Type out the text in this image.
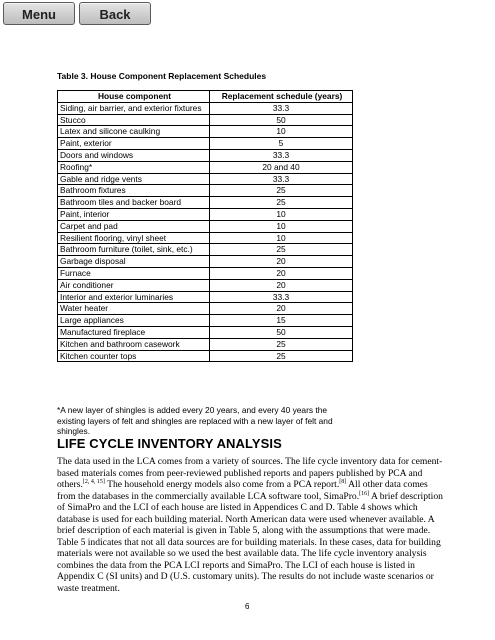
Menu	Back
Table 3. House Component Replacement Schedules
House component	Replacement schedule (years)
Siding, air barrier, and exterior fixtures	33.3
Stucco	50
Latex and silicone caulking	10
Paint, exterior	5
Doors and windows	33.3
Roofing*	20 and 40
Gable and ridge vents	33.3
Bathroom fixtures	25
Bathroom tiles and backer board	25
Paint, interior	10
Carpet and pad	10
Resilient flooring, vinyl sheet	10
Bathroom furniture (toilet, sink, etc.)	25
Garbage disposal	20
Furnace	20
Air conditioner	20
Interior and exterior luminaries	33.3
Water heater	20
Large appliances	15
Manufactured fireplace	50
Kitchen and bathroom casework	25
Kitchen counter tops	25
*A new layer of shingles is added every 20 years, and every 40 years the existing layers of felt and shingles are replaced with a new layer of felt and shingles.
LIFE CYCLE INVENTORY ANALYSIS
The data used in the LCA comes from a variety of sources. The life cycle inventory data for cement-based materials comes from peer-reviewed published reports and papers published by PCA and others.[2, 4, 15] The household energy models also come from a PCA report.[8] All other data comes from the databases in the commercially available LCA software tool, SimaPro.[16] A brief description of SimaPro and the LCI of each house are listed in Appendices C and D. Table 4 shows which database is used for each building material. North American data were used whenever available. A brief description of each material is given in Table 5, along with the assumptions that were made. Table 5 indicates that not all data sources are for building materials. In these cases, data for building materials were not available so we used the best available data. The life cycle inventory analysis combines the data from the PCA LCI reports and SimaPro. The LCI of each house is listed in Appendix C (SI units) and D (U.S. customary units). The results do not include waste scenarios or waste treatment.
6
